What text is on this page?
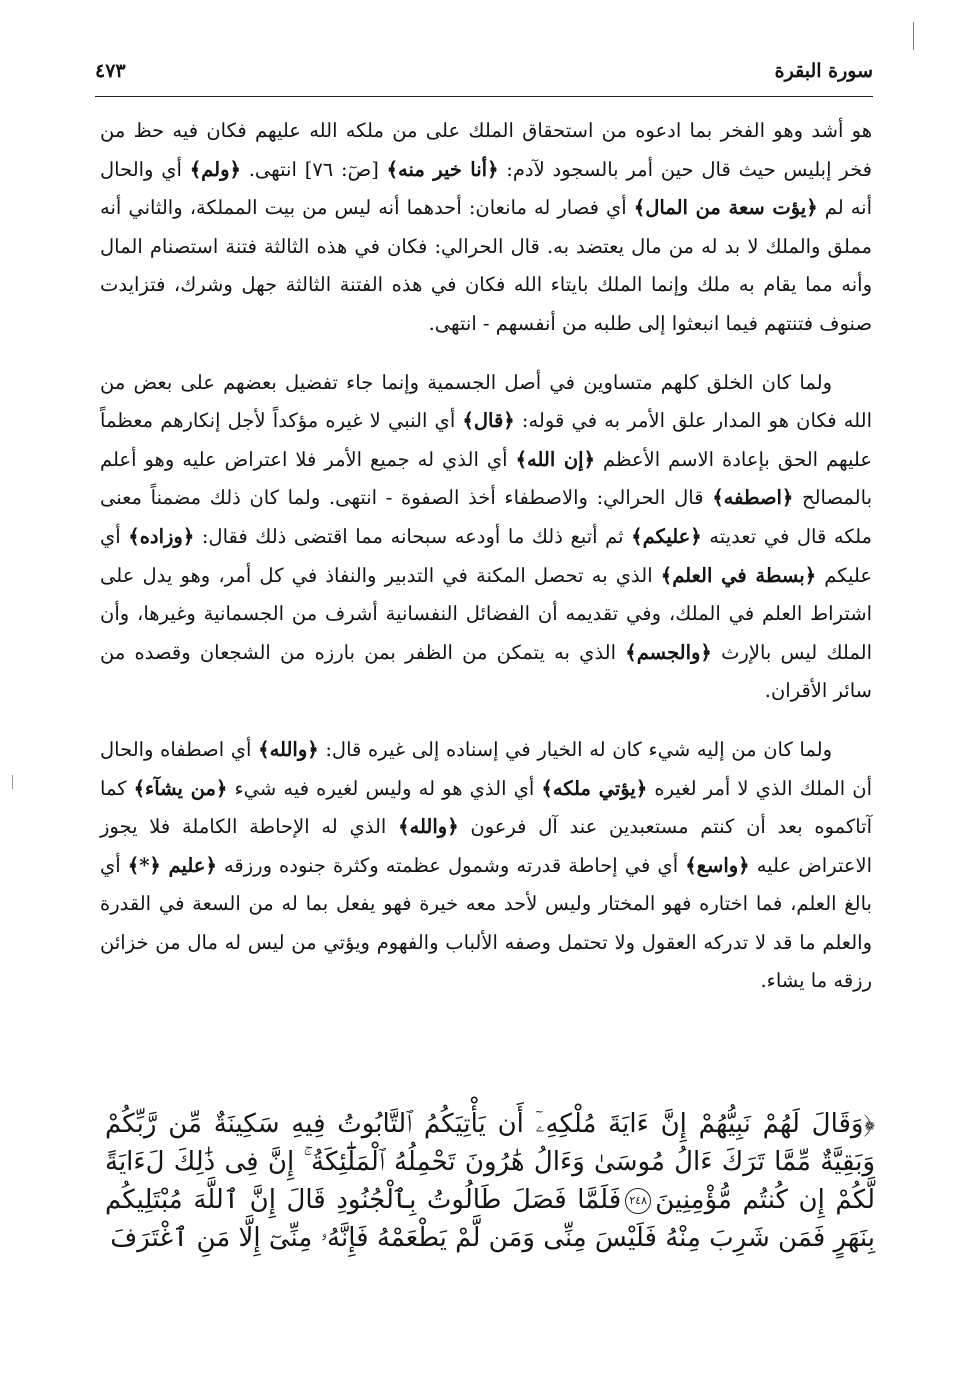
سورة البقرة
٤٧٣

هو أشد وهو الفخر بما ادعوه من استحقاق الملك على من ملكه الله عليهم فكان فيه حظ من فخر إبليس حيث قال حين أمر بالسجود لآدم: ﴿أنا خير منه﴾ [صٓ: ٧٦] انتهى. ﴿ولم﴾ أي والحال أنه لم ﴿يؤت سعة من المال﴾ أي فصار له مانعان: أحدهما أنه ليس من بيت المملكة، والثاني أنه مملق والملك لا بد له من مال يعتضد به. قال الحرالي: فكان في هذه الثالثة فتنة استصنام المال وأنه مما يقام به ملك وإنما الملك بايتاء الله فكان في هذه الفتنة الثالثة جهل وشرك، فتزايدت صنوف فتنتهم فيما انبعثوا إلى طلبه من أنفسهم - انتهى.

ولما كان الخلق كلهم متساوين في أصل الجسمية وإنما جاء تفضيل بعضهم على بعض من الله فكان هو المدار علق الأمر به في قوله: ﴿قال﴾ أي النبي لا غيره مؤكداً لأجل إنكارهم معظماً عليهم الحق بإعادة الاسم الأعظم ﴿إن الله﴾ أي الذي له جميع الأمر فلا اعتراض عليه وهو أعلم بالمصالح ﴿اصطفه﴾ قال الحرالي: والاصطفاء أخذ الصفوة - انتهى. ولما كان ذلك مضمناً معنى ملكه قال في تعديته ﴿عليكم﴾ ثم أتبع ذلك ما أودعه سبحانه مما اقتضى ذلك فقال: ﴿وزاده﴾ أي عليكم ﴿بسطة في العلم﴾ الذي به تحصل المكنة في التدبير والنفاذ في كل أمر، وهو يدل على اشتراط العلم في الملك، وفي تقديمه أن الفضائل النفسانية أشرف من الجسمانية وغيرها، وأن الملك ليس بالإرث ﴿والجسم﴾ الذي به يتمكن من الظفر بمن بارزه من الشجعان وقصده من سائر الأقران.

ولما كان من إليه شيء كان له الخيار في إسناده إلى غيره قال: ﴿والله﴾ أي اصطفاه والحال أن الملك الذي لا أمر لغيره ﴿يؤتي ملكه﴾ أي الذي هو له وليس لغيره فيه شيء ﴿من يشآء﴾ كما آتاكموه بعد أن كنتم مستعبدين عند آل فرعون ﴿والله﴾ الذي له الإحاطة الكاملة فلا يجوز الاعتراض عليه ﴿واسع﴾ أي في إحاطة قدرته وشمول عظمته وكثرة جنوده ورزقه ﴿عليم ﴿*﴾ أي بالغ العلم، فما اختاره فهو المختار وليس لأحد معه خيرة فهو يفعل بما له من السعة في القدرة والعلم ما قد لا تدركه العقول ولا تحتمل وصفه الألباب والفهوم ويؤتي من ليس له مال من خزائن رزقه ما يشاء.

﴿وَقَالَ لَهُمْ نَبِيُّهُمْ إِنَّ ءَايَةَ مُلْكِهِۦٓ أَن يَأْتِيَكُمُ ٱلتَّابُوتُ فِيهِ سَكِينَةٌ مِّن رَّبِّكُمْ وَبَقِيَّةٌ مِّمَّا تَرَكَ ءَالُ مُوسَىٰ وَءَالُ هَٰرُونَ تَحْمِلُهُ ٱلْمَلَٰٓئِكَةُ ۚ إِنَّ فِى ذَٰلِكَ لَءَايَةً لَّكُمْ إِن كُنتُم مُّؤْمِنِينَ٢٤٨فَلَمَّا فَصَلَ طَالُوتُ بِٱلْجُنُودِ قَالَ إِنَّ ٱللَّهَ مُبْتَلِيكُم بِنَهَرٍ فَمَن شَرِبَ مِنْهُ فَلَيْسَ مِنِّى وَمَن لَّمْ يَطْعَمْهُ فَإِنَّهُۥ مِنِّىٓ إِلَّا مَنِ ٱغْتَرَفَ
